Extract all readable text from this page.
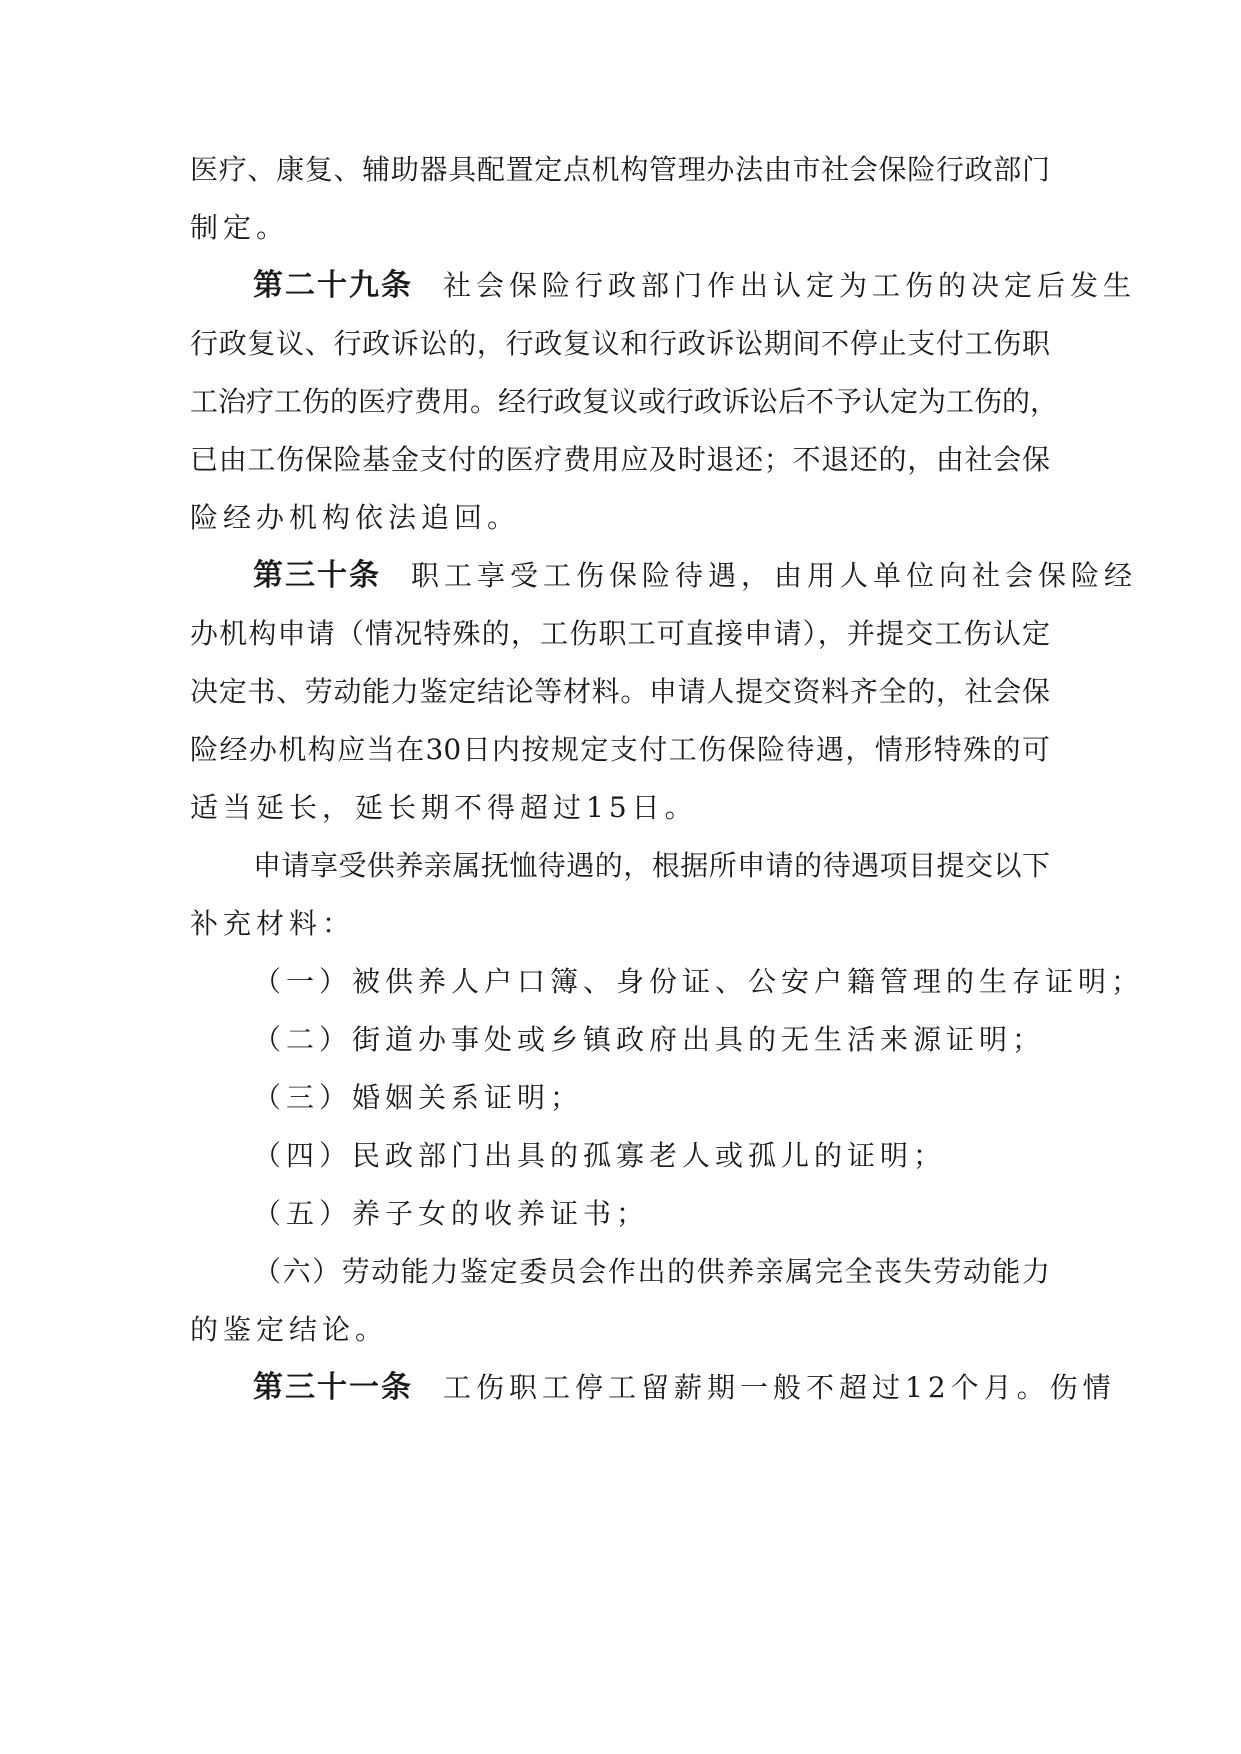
医疗、康复、辅助器具配置定点机构管理办法由市社会保险行政部门
制定。
第二十九条 社会保险行政部门作出认定为工伤的决定后发生
行政复议、行政诉讼的，行政复议和行政诉讼期间不停止支付工伤职
工治疗工伤的医疗费用。经行政复议或行政诉讼后不予认定为工伤的，
已由工伤保险基金支付的医疗费用应及时退还；不退还的，由社会保
险经办机构依法追回。
第三十条 职工享受工伤保险待遇，由用人单位向社会保险经
办机构申请（情况特殊的，工伤职工可直接申请），并提交工伤认定
决定书、劳动能力鉴定结论等材料。申请人提交资料齐全的，社会保
险经办机构应当在30日内按规定支付工伤保险待遇，情形特殊的可
适当延长，延长期不得超过15日。
申请享受供养亲属抚恤待遇的，根据所申请的待遇项目提交以下
补充材料：
（一）被供养人户口簿、身份证、公安户籍管理的生存证明；
（二）街道办事处或乡镇政府出具的无生活来源证明；
（三）婚姻关系证明；
（四）民政部门出具的孤寡老人或孤儿的证明；
（五）养子女的收养证书；
（六）劳动能力鉴定委员会作出的供养亲属完全丧失劳动能力
的鉴定结论。
第三十一条 工伤职工停工留薪期一般不超过12个月。伤情
